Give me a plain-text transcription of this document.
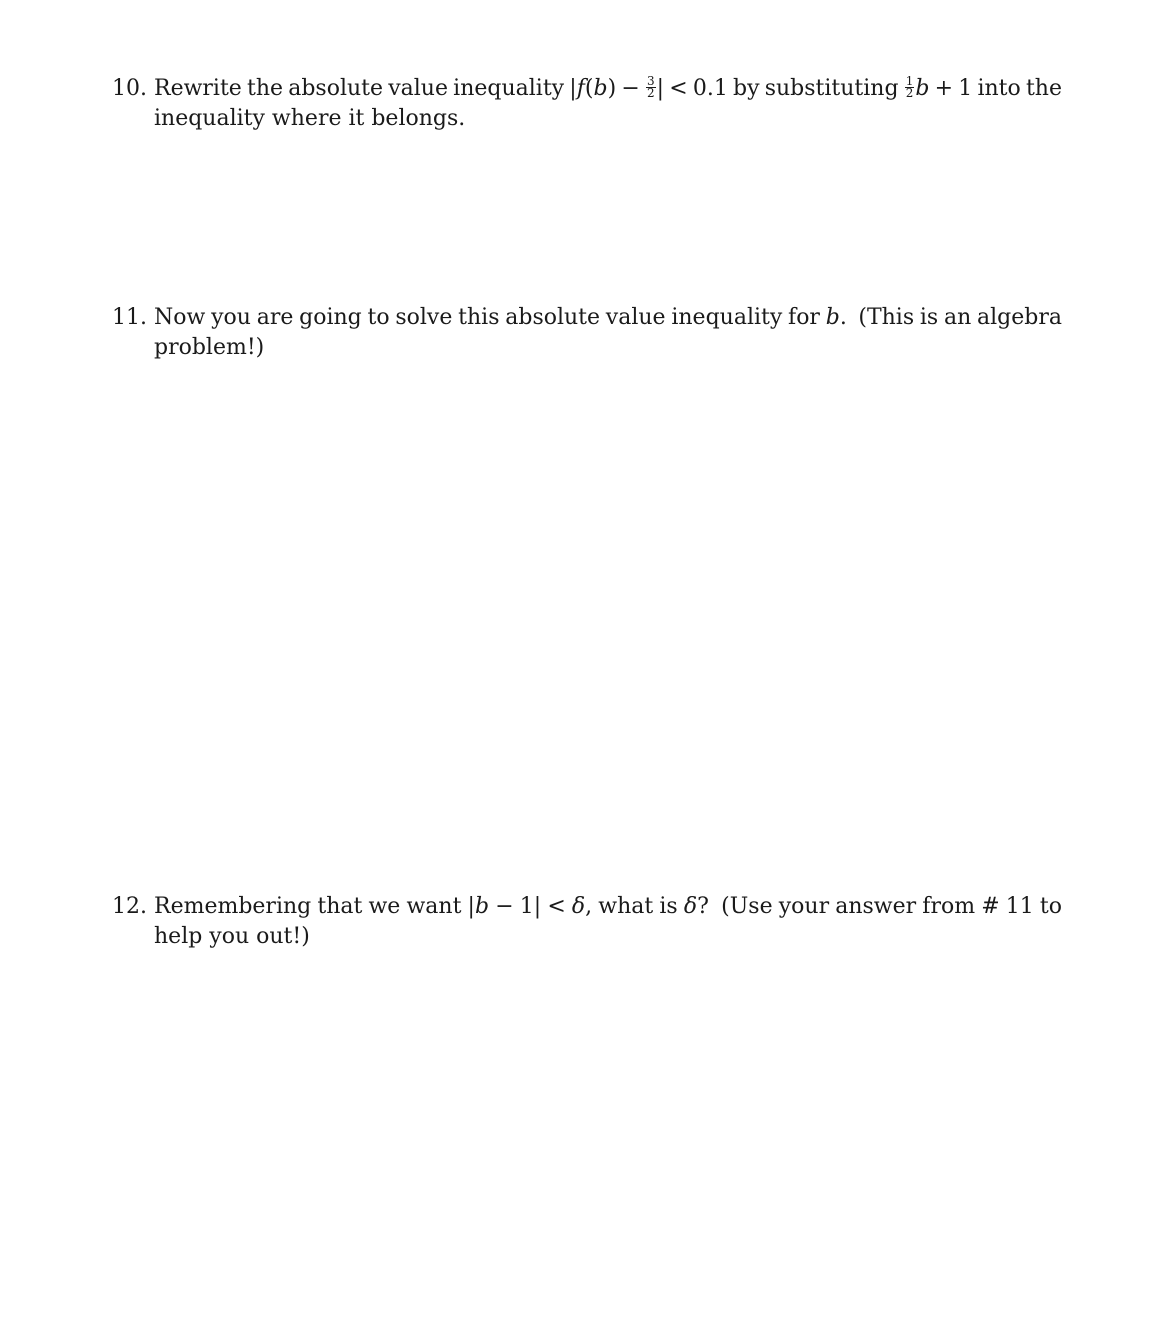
10. Rewrite the absolute value inequality $|f(b) - \frac{3}{2}$ | < 0.1 by substituting $\frac{1}{2}$ b + 1 into the
inequality where it belongs.
11. Now you are going to solve this absolute value inequality for b.  (This is an algebra
problem!)
12. Remembering that we want |b − 1| < δ, what is δ?  (Use your answer from # 11 to
help you out!)
